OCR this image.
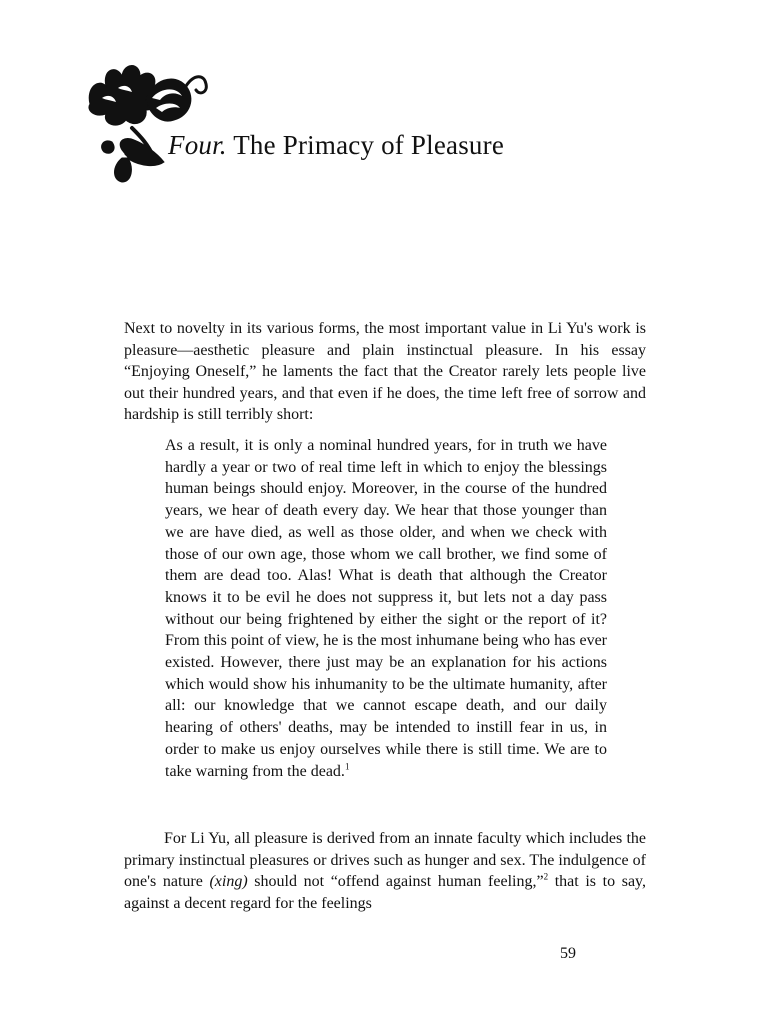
Four. The Primacy of Pleasure

Next to novelty in its various forms, the most important value in Li Yu's work is pleasure—aesthetic pleasure and plain instinctual pleasure. In his essay “Enjoying Oneself,” he laments the fact that the Creator rarely lets people live out their hundred years, and that even if he does, the time left free of sorrow and hardship is still terribly short:

As a result, it is only a nominal hundred years, for in truth we have hardly a year or two of real time left in which to enjoy the blessings human beings should enjoy. Moreover, in the course of the hundred years, we hear of death every day. We hear that those younger than we are have died, as well as those older, and when we check with those of our own age, those whom we call brother, we find some of them are dead too. Alas! What is death that although the Creator knows it to be evil he does not suppress it, but lets not a day pass without our being frightened by either the sight or the report of it? From this point of view, he is the most inhumane being who has ever existed. However, there just may be an explanation for his actions which would show his inhumanity to be the ultimate humanity, after all: our knowledge that we cannot escape death, and our daily hearing of others' deaths, may be intended to instill fear in us, in order to make us enjoy ourselves while there is still time. We are to take warning from the dead.$^1$

For Li Yu, all pleasure is derived from an innate faculty which includes the primary instinctual pleasures or drives such as hunger and sex. The indulgence of one's nature (xing) should not “offend against human feeling,”$^2$ that is to say, against a decent regard for the feelings

59
